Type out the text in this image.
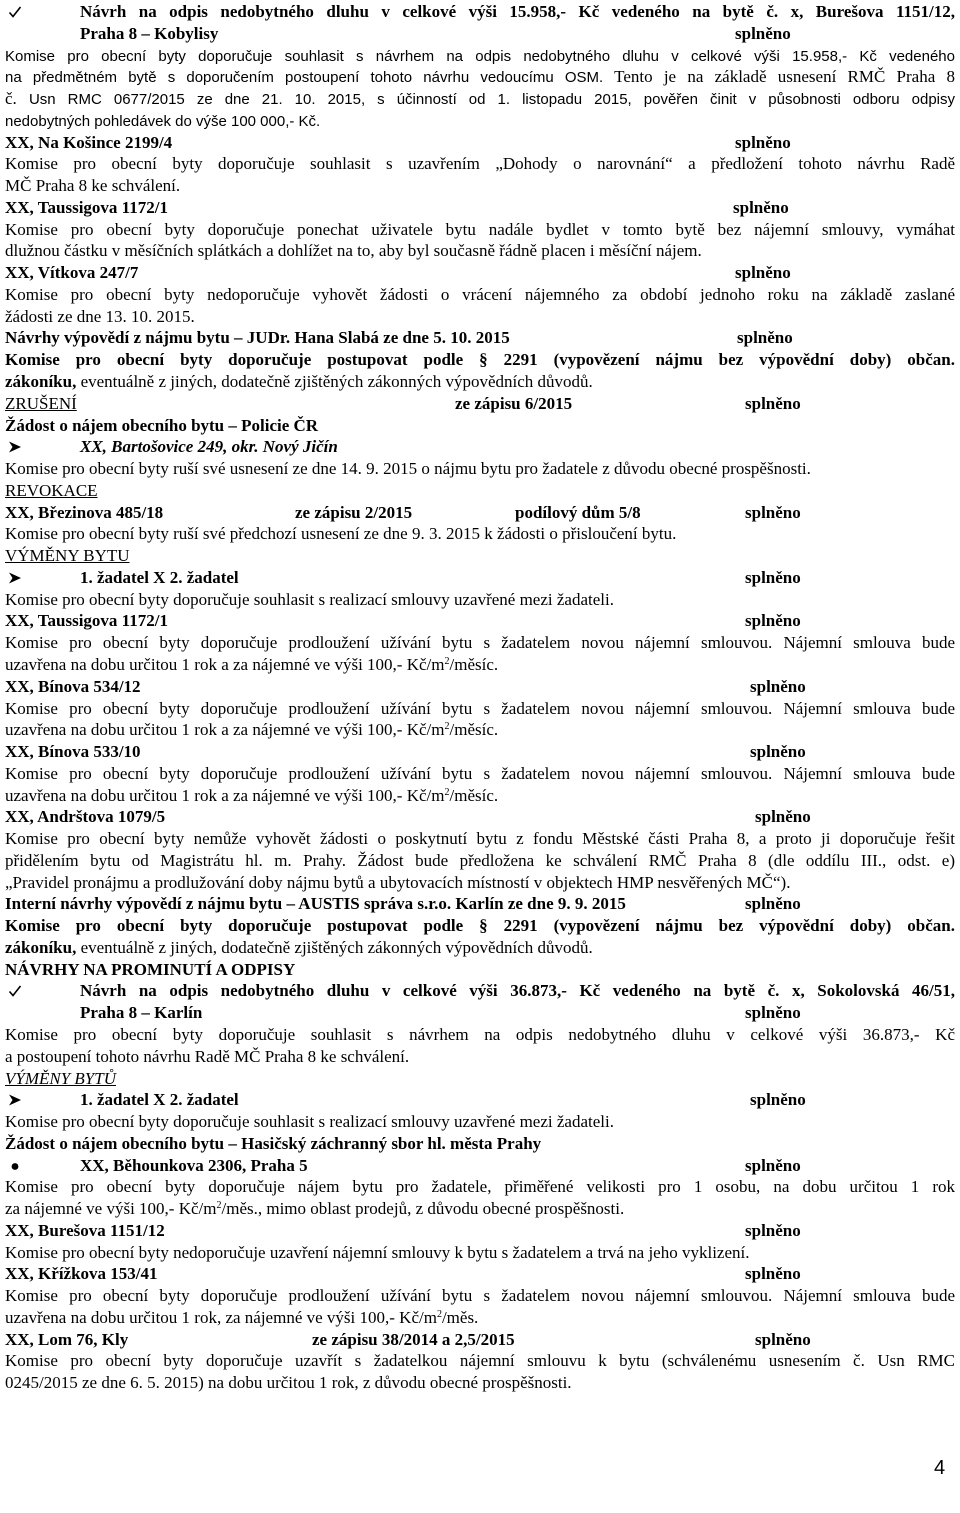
Návrh na odpis nedobytného dluhu v celkové výši 15.958,- Kč vedeného na bytě č. x, Burešova 1151/12,
Praha 8 – Kobylisy	splněno
Komise pro obecní byty doporučuje souhlasit s návrhem na odpis nedobytného dluhu v celkové výši 15.958,- Kč vedeného
na předmětném bytě s doporučením postoupení tohoto návrhu vedoucímu OSM. Tento je na základě usnesení RMČ Praha 8
č. Usn RMC 0677/2015 ze dne 21. 10. 2015, s účinností od 1. listopadu 2015, pověřen činit v působnosti odboru odpisy
nedobytných pohledávek do výše 100 000,- Kč.
XX, Na Košince 2199/4	splněno
Komise pro obecní byty doporučuje souhlasit s uzavřením „Dohody o narovnání“ a předložení tohoto návrhu Radě
MČ Praha 8 ke schválení.
XX, Taussigova 1172/1	splněno
Komise pro obecní byty doporučuje ponechat uživatele bytu nadále bydlet v tomto bytě bez nájemní smlouvy, vymáhat
dlužnou částku v měsíčních splátkách a dohlížet na to, aby byl současně řádně placen i měsíční nájem.
XX, Vítkova 247/7	splněno
Komise pro obecní byty nedoporučuje vyhovět žádosti o vrácení nájemného za období jednoho roku na základě zaslané
žádosti ze dne 13. 10. 2015.
Návrhy výpovědí z nájmu bytu – JUDr. Hana Slabá ze dne 5. 10. 2015	splněno
Komise pro obecní byty doporučuje postupovat podle § 2291 (vypovězení nájmu bez výpovědní doby) občan.
zákoníku, eventuálně z jiných, dodatečně zjištěných zákonných výpovědních důvodů.
ZRUŠENÍ	ze zápisu 6/2015	splněno
Žádost o nájem obecního bytu – Policie ČR
XX, Bartošovice 249, okr. Nový Jičín
Komise pro obecní byty ruší své usnesení ze dne 14. 9. 2015 o nájmu bytu pro žadatele z důvodu obecné prospěšnosti.
REVOKACE
XX, Březinova 485/18	ze zápisu 2/2015	podílový dům 5/8	splněno
Komise pro obecní byty ruší své předchozí usnesení ze dne 9. 3. 2015 k žádosti o přisloučení bytu.
VÝMĚNY BYTU
1. žadatel X 2. žadatel	splněno
Komise pro obecní byty doporučuje souhlasit s realizací smlouvy uzavřené mezi žadateli.
XX, Taussigova 1172/1	splněno
Komise pro obecní byty doporučuje prodloužení užívání bytu s žadatelem novou nájemní smlouvou. Nájemní smlouva bude
uzavřena na dobu určitou 1 rok a za nájemné ve výši 100,- $Kč/m^2$/měsíc.
XX, Bínova 534/12	splněno
Komise pro obecní byty doporučuje prodloužení užívání bytu s žadatelem novou nájemní smlouvou. Nájemní smlouva bude
uzavřena na dobu určitou 1 rok a za nájemné ve výši 100,- $Kč/m^2$/měsíc.
XX, Bínova 533/10	splněno
Komise pro obecní byty doporučuje prodloužení užívání bytu s žadatelem novou nájemní smlouvou. Nájemní smlouva bude
uzavřena na dobu určitou 1 rok a za nájemné ve výši 100,- $Kč/m^2$/měsíc.
XX, Andrštova 1079/5	splněno
Komise pro obecní byty nemůže vyhovět žádosti o poskytnutí bytu z fondu Městské části Praha 8, a proto ji doporučuje řešit
přidělením bytu od Magistrátu hl. m. Prahy. Žádost bude předložena ke schválení RMČ Praha 8 (dle oddílu III., odst. e)
„Pravidel pronájmu a prodlužování doby nájmu bytů a ubytovacích místností v objektech HMP nesvěřených MČ“).
Interní návrhy výpovědí z nájmu bytu – AUSTIS správa s.r.o. Karlín ze dne 9. 9. 2015	splněno
Komise pro obecní byty doporučuje postupovat podle § 2291 (vypovězení nájmu bez výpovědní doby) občan.
zákoníku, eventuálně z jiných, dodatečně zjištěných zákonných výpovědních důvodů.
NÁVRHY NA PROMINUTÍ A ODPISY
Návrh na odpis nedobytného dluhu v celkové výši 36.873,- Kč vedeného na bytě č. x, Sokolovská 46/51,
Praha 8 – Karlín	splněno
Komise pro obecní byty doporučuje souhlasit s návrhem na odpis nedobytného dluhu v celkové výši 36.873,- Kč
a postoupení tohoto návrhu Radě MČ Praha 8 ke schválení.
VÝMĚNY BYTŮ
1. žadatel X 2. žadatel	splněno
Komise pro obecní byty doporučuje souhlasit s realizací smlouvy uzavřené mezi žadateli.
Žádost o nájem obecního bytu – Hasičský záchranný sbor hl. města Prahy
XX, Běhounkova 2306, Praha 5	splněno
Komise pro obecní byty doporučuje nájem bytu pro žadatele, přiměřené velikosti pro 1 osobu, na dobu určitou 1 rok
za nájemné ve výši 100,- $Kč/m^2$/měs., mimo oblast prodejů, z důvodu obecné prospěšnosti.
XX, Burešova 1151/12	splněno
Komise pro obecní byty nedoporučuje uzavření nájemní smlouvy k bytu s žadatelem a trvá na jeho vyklizení.
XX, Křížkova 153/41	splněno
Komise pro obecní byty doporučuje prodloužení užívání bytu s žadatelem novou nájemní smlouvou. Nájemní smlouva bude
uzavřena na dobu určitou 1 rok, za nájemné ve výši 100,- $Kč/m^2$/měs.
XX, Lom 76, Kly	ze zápisu 38/2014 a 2,5/2015	splněno
Komise pro obecní byty doporučuje uzavřít s žadatelkou nájemní smlouvu k bytu (schválenému usnesením č. Usn RMC
0245/2015 ze dne 6. 5. 2015) na dobu určitou 1 rok, z důvodu obecné prospěšnosti.
4
